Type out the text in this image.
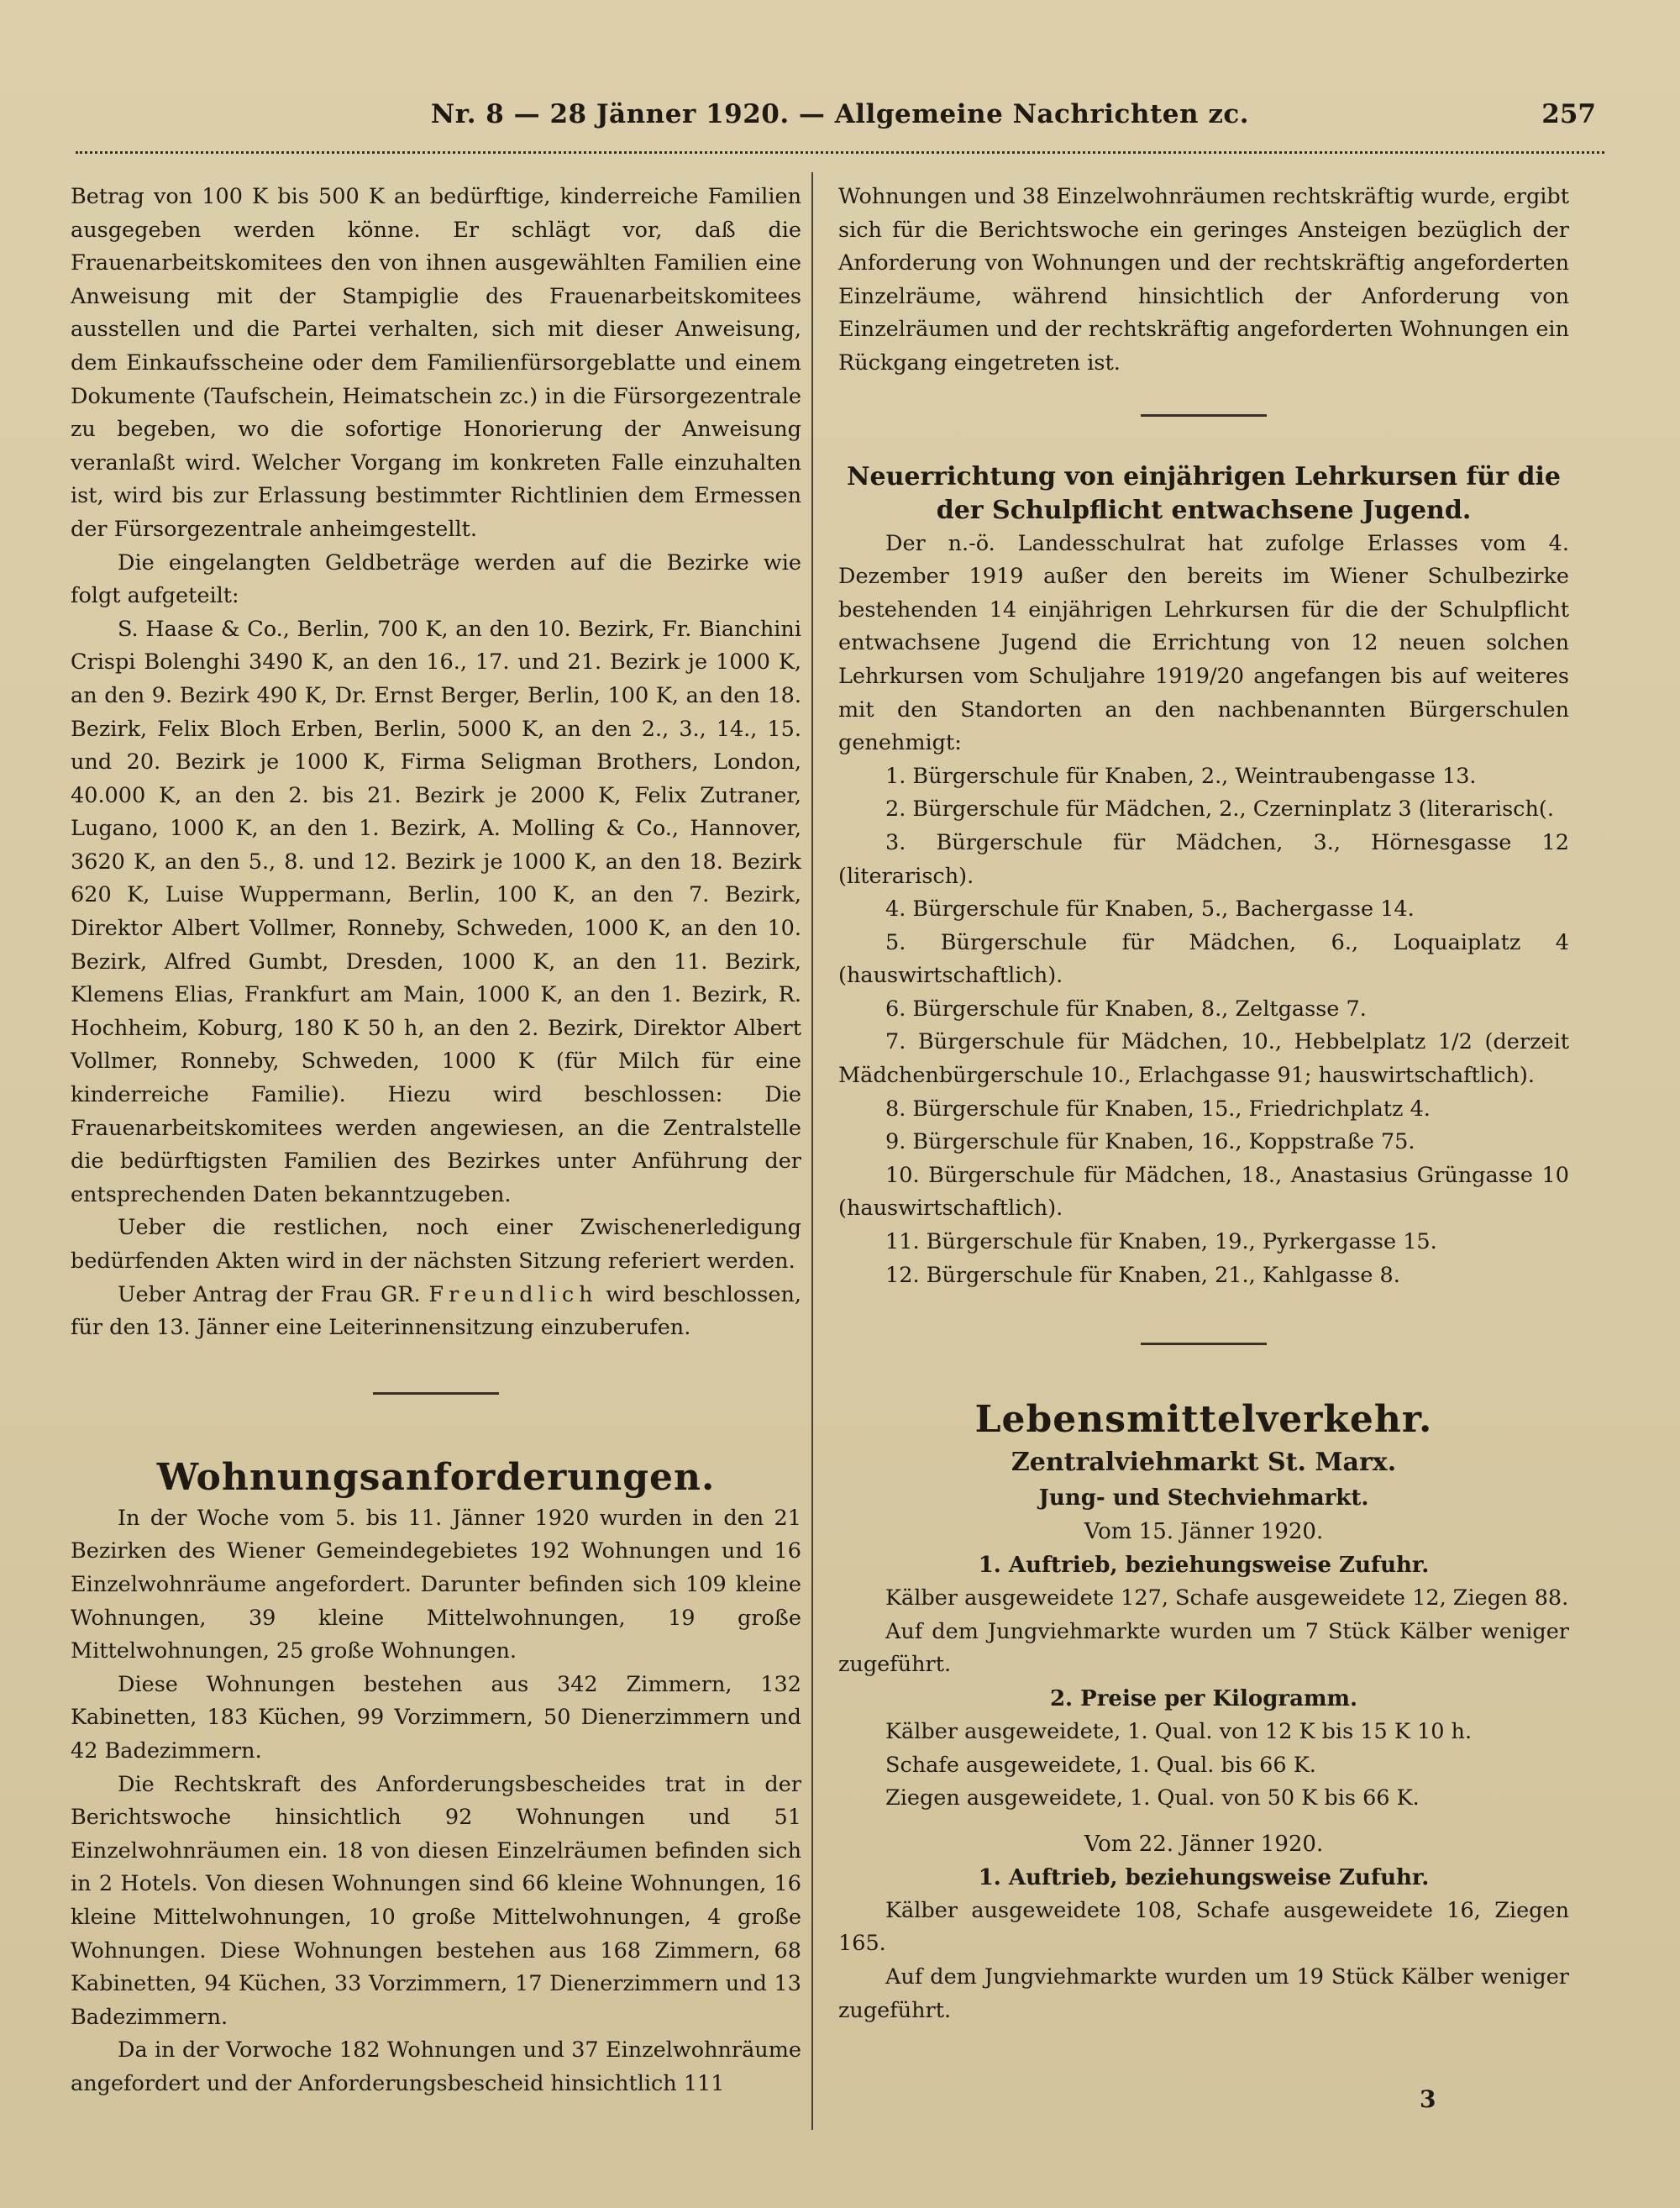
Nr. 8 — 28 Jänner 1920. — Allgemeine Nachrichten zc.	257

Betrag von 100 K bis 500 K an bedürftige, kinderreiche Familien ausgegeben werden könne. Er schlägt vor, daß die Frauenarbeitskomitees den von ihnen ausgewählten Familien eine Anweisung mit der Stampiglie des Frauenarbeitskomitees ausstellen und die Partei verhalten, sich mit dieser Anweisung, dem Einkaufsscheine oder dem Familienfürsorgeblatte und einem Dokumente (Taufschein, Heimatschein zc.) in die Fürsorgezentrale zu begeben, wo die sofortige Honorierung der Anweisung veranlaßt wird. Welcher Vorgang im konkreten Falle einzuhalten ist, wird bis zur Erlassung bestimmter Richtlinien dem Ermessen der Fürsorgezentrale anheimgestellt.

Die eingelangten Geldbeträge werden auf die Bezirke wie folgt aufgeteilt:

S. Haase & Co., Berlin, 700 K, an den 10. Bezirk, Fr. Bianchini Crispi Bolenghi 3490 K, an den 16., 17. und 21. Bezirk je 1000 K, an den 9. Bezirk 490 K, Dr. Ernst Berger, Berlin, 100 K, an den 18. Bezirk, Felix Bloch Erben, Berlin, 5000 K, an den 2., 3., 14., 15. und 20. Bezirk je 1000 K, Firma Seligman Brothers, London, 40.000 K, an den 2. bis 21. Bezirk je 2000 K, Felix Zutraner, Lugano, 1000 K, an den 1. Bezirk, A. Molling & Co., Hannover, 3620 K, an den 5., 8. und 12. Bezirk je 1000 K, an den 18. Bezirk 620 K, Luise Wuppermann, Berlin, 100 K, an den 7. Bezirk, Direktor Albert Vollmer, Ronneby, Schweden, 1000 K, an den 10. Bezirk, Alfred Gumbt, Dresden, 1000 K, an den 11. Bezirk, Klemens Elias, Frankfurt am Main, 1000 K, an den 1. Bezirk, R. Hochheim, Koburg, 180 K 50 h, an den 2. Bezirk, Direktor Albert Vollmer, Ronneby, Schweden, 1000 K (für Milch für eine kinderreiche Familie). Hiezu wird beschlossen: Die Frauenarbeitskomitees werden angewiesen, an die Zentralstelle die bedürftigsten Familien des Bezirkes unter Anführung der entsprechenden Daten bekanntzugeben.

Ueber die restlichen, noch einer Zwischenerledigung bedürfenden Akten wird in der nächsten Sitzung referiert werden.

Ueber Antrag der Frau GR. Freundlich wird beschlossen, für den 13. Jänner eine Leiterinnensitzung einzuberufen.

Wohnungsanforderungen.

In der Woche vom 5. bis 11. Jänner 1920 wurden in den 21 Bezirken des Wiener Gemeindegebietes 192 Wohnungen und 16 Einzelwohnräume angefordert. Darunter befinden sich 109 kleine Wohnungen, 39 kleine Mittelwohnungen, 19 große Mittelwohnungen, 25 große Wohnungen.

Diese Wohnungen bestehen aus 342 Zimmern, 132 Kabinetten, 183 Küchen, 99 Vorzimmern, 50 Dienerzimmern und 42 Badezimmern.

Die Rechtskraft des Anforderungsbescheides trat in der Berichtswoche hinsichtlich 92 Wohnungen und 51 Einzelwohnräumen ein. 18 von diesen Einzelräumen befinden sich in 2 Hotels. Von diesen Wohnungen sind 66 kleine Wohnungen, 16 kleine Mittelwohnungen, 10 große Mittelwohnungen, 4 große Wohnungen. Diese Wohnungen bestehen aus 168 Zimmern, 68 Kabinetten, 94 Küchen, 33 Vorzimmern, 17 Dienerzimmern und 13 Badezimmern.

Da in der Vorwoche 182 Wohnungen und 37 Einzelwohnräume angefordert und der Anforderungsbescheid hinsichtlich 111

Wohnungen und 38 Einzelwohnräumen rechtskräftig wurde, ergibt sich für die Berichtswoche ein geringes Ansteigen bezüglich der Anforderung von Wohnungen und der rechtskräftig angeforderten Einzelräume, während hinsichtlich der Anforderung von Einzelräumen und der rechtskräftig angeforderten Wohnungen ein Rückgang eingetreten ist.

Neuerrichtung von einjährigen Lehrkursen für die der Schulpflicht entwachsene Jugend.

Der n.-ö. Landesschulrat hat zufolge Erlasses vom 4. Dezember 1919 außer den bereits im Wiener Schulbezirke bestehenden 14 einjährigen Lehrkursen für die der Schulpflicht entwachsene Jugend die Errichtung von 12 neuen solchen Lehrkursen vom Schuljahre 1919/20 angefangen bis auf weiteres mit den Standorten an den nachbenannten Bürgerschulen genehmigt:

1. Bürgerschule für Knaben, 2., Weintraubengasse 13.
2. Bürgerschule für Mädchen, 2., Czerninplatz 3 (literarisch(.
3. Bürgerschule für Mädchen, 3., Hörnesgasse 12 (literarisch).
4. Bürgerschule für Knaben, 5., Bachergasse 14.
5. Bürgerschule für Mädchen, 6., Loquaiplatz 4 (hauswirtschaftlich).
6. Bürgerschule für Knaben, 8., Zeltgasse 7.
7. Bürgerschule für Mädchen, 10., Hebbelplatz 1/2 (derzeit Mädchenbürgerschule 10., Erlachgasse 91; hauswirtschaftlich).
8. Bürgerschule für Knaben, 15., Friedrichplatz 4.
9. Bürgerschule für Knaben, 16., Koppstraße 75.
10. Bürgerschule für Mädchen, 18., Anastasius Grüngasse 10 (hauswirtschaftlich).
11. Bürgerschule für Knaben, 19., Pyrkergasse 15.
12. Bürgerschule für Knaben, 21., Kahlgasse 8.
Lebensmittelverkehr.
Zentralviehmarkt St. Marx.
Jung- und Stechviehmarkt.

Vom 15. Jänner 1920.

1. Auftrieb, beziehungsweise Zufuhr.

Kälber ausgeweidete 127, Schafe ausgeweidete 12, Ziegen 88.

Auf dem Jungviehmarkte wurden um 7 Stück Kälber weniger zugeführt.

2. Preise per Kilogramm.

Kälber ausgeweidete, 1. Qual. von 12 K bis 15 K 10 h.

Schafe ausgeweidete, 1. Qual. bis 66 K.

Ziegen ausgeweidete, 1. Qual. von 50 K bis 66 K.

Vom 22. Jänner 1920.

1. Auftrieb, beziehungsweise Zufuhr.

Kälber ausgeweidete 108, Schafe ausgeweidete 16, Ziegen 165.

Auf dem Jungviehmarkte wurden um 19 Stück Kälber weniger zugeführt.

3
